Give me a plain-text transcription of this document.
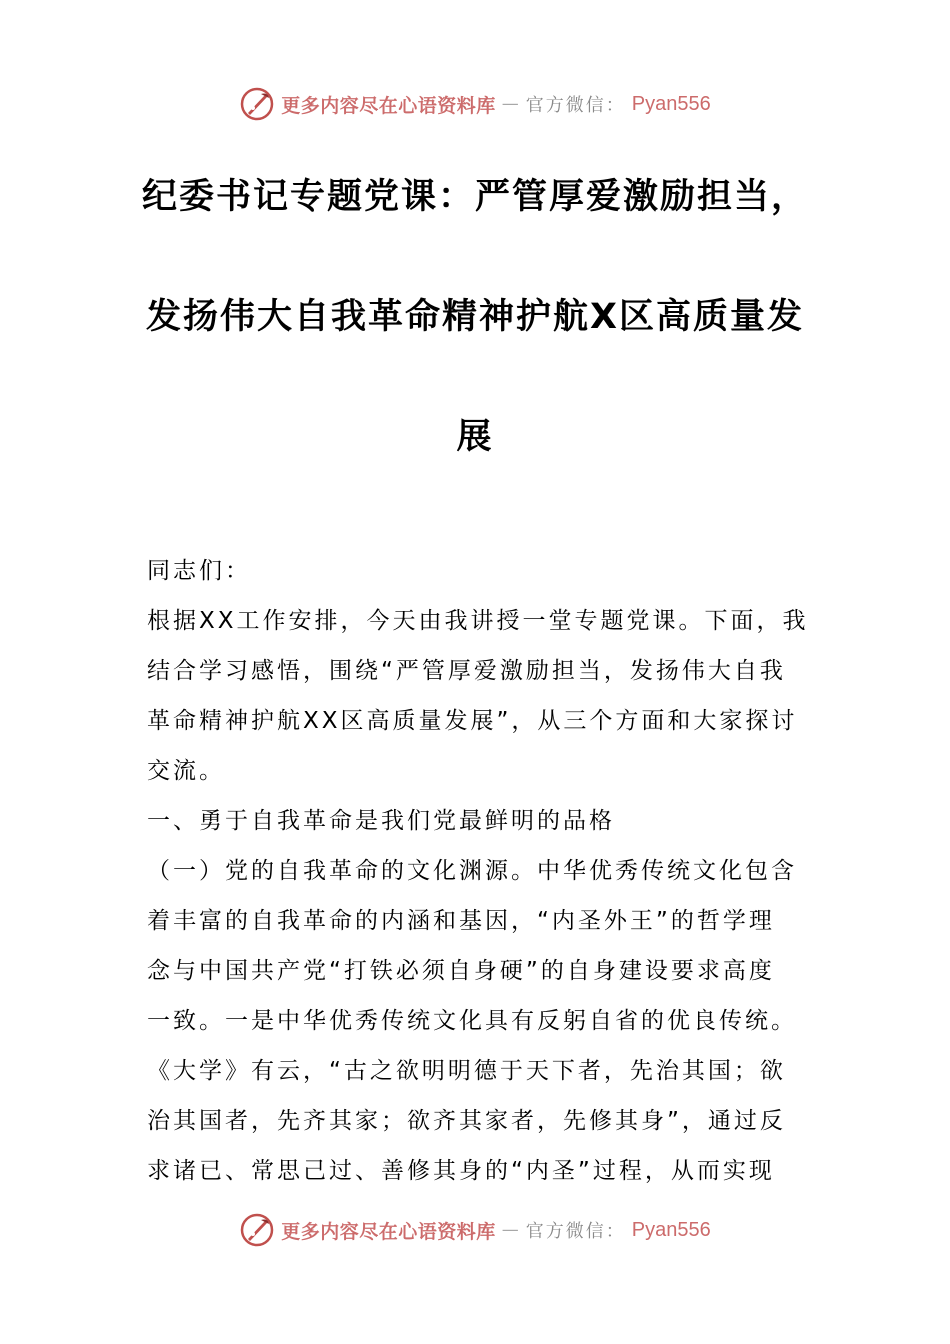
更多内容尽在心语资料库 — 官方微信： Pyan556
纪委书记专题党课：严管厚爱激励担当，
发扬伟大自我革命精神护航X区高质量发
展
同志们：
根据XX工作安排，今天由我讲授一堂专题党课。下面，我
结合学习感悟，围绕“严管厚爱激励担当，发扬伟大自我
革命精神护航XX区高质量发展”，从三个方面和大家探讨
交流。
一、勇于自我革命是我们党最鲜明的品格
（一）党的自我革命的文化渊源。中华优秀传统文化包含
着丰富的自我革命的内涵和基因，“内圣外王”的哲学理
念与中国共产党“打铁必须自身硬”的自身建设要求高度
一致。一是中华优秀传统文化具有反躬自省的优良传统。
《大学》有云，“古之欲明明德于天下者，先治其国；欲
治其国者，先齐其家；欲齐其家者，先修其身”，通过反
求诸已、常思己过、善修其身的“内圣”过程，从而实现
更多内容尽在心语资料库 — 官方微信： Pyan556
